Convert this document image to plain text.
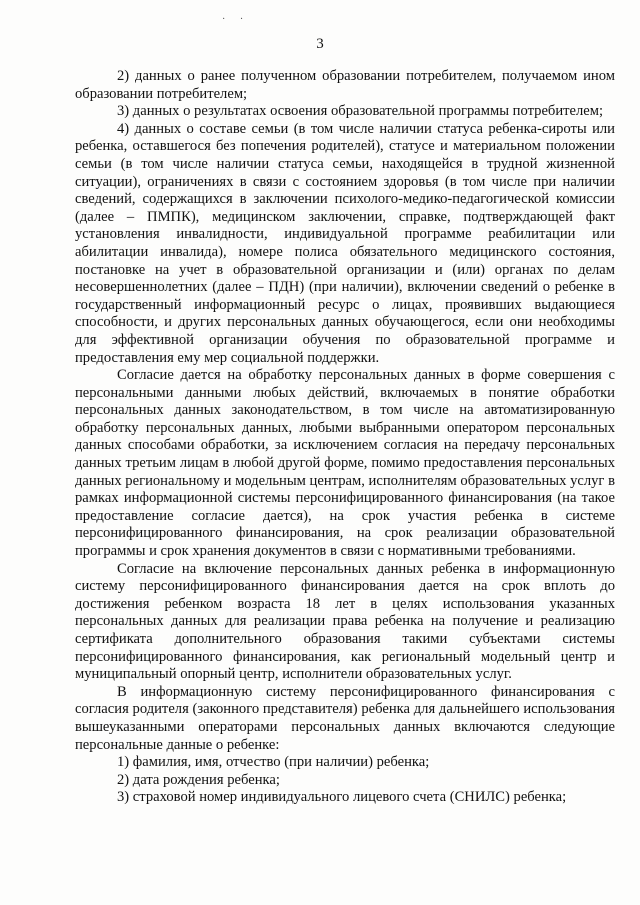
· ·
3

2) данных о ранее полученном образовании потребителем, получаемом ином образовании потребителем;

3) данных о результатах освоения образовательной программы потребителем;

4) данных о составе семьи (в том числе наличии статуса ребенка-сироты или ребенка, оставшегося без попечения родителей), статусе и материальном положении семьи (в том числе наличии статуса семьи, находящейся в трудной жизненной ситуации), ограничениях в связи с состоянием здоровья (в том числе при наличии сведений, содержащихся в заключении психолого-медико-педагогической комиссии (далее – ПМПК), медицинском заключении, справке, подтверждающей факт установления инвалидности, индивидуальной программе реабилитации или абилитации инвалида), номере полиса обязательного медицинского состояния, постановке на учет в образовательной организации и (или) органах по делам несовершеннолетних (далее – ПДН) (при наличии), включении сведений о ребенке в государственный информационный ресурс о лицах, проявивших выдающиеся способности, и других персональных данных обучающегося, если они необходимы для эффективной организации обучения по образовательной программе и предоставления ему мер социальной поддержки.

Согласие дается на обработку персональных данных в форме совершения с персональными данными любых действий, включаемых в понятие обработки персональных данных законодательством, в том числе на автоматизированную обработку персональных данных, любыми выбранными оператором персональных данных способами обработки, за исключением согласия на передачу персональных данных третьим лицам в любой другой форме, помимо предоставления персональных данных региональному и модельным центрам, исполнителям образовательных услуг в рамках информационной системы персонифицированного финансирования (на такое предоставление согласие дается), на срок участия ребенка в системе персонифицированного финансирования, на срок реализации образовательной программы и срок хранения документов в связи с нормативными требованиями.

Согласие на включение персональных данных ребенка в информационную систему персонифицированного финансирования дается на срок вплоть до достижения ребенком возраста 18 лет в целях использования указанных персональных данных для реализации права ребенка на получение и реализацию сертификата дополнительного образования такими субъектами системы персонифицированного финансирования, как региональный модельный центр и муниципальный опорный центр, исполнители образовательных услуг.

В информационную систему персонифицированного финансирования с согласия родителя (законного представителя) ребенка для дальнейшего использования вышеуказанными операторами персональных данных включаются следующие персональные данные о ребенке:

1) фамилия, имя, отчество (при наличии) ребенка;

2) дата рождения ребенка;

3) страховой номер индивидуального лицевого счета (СНИЛС) ребенка;
